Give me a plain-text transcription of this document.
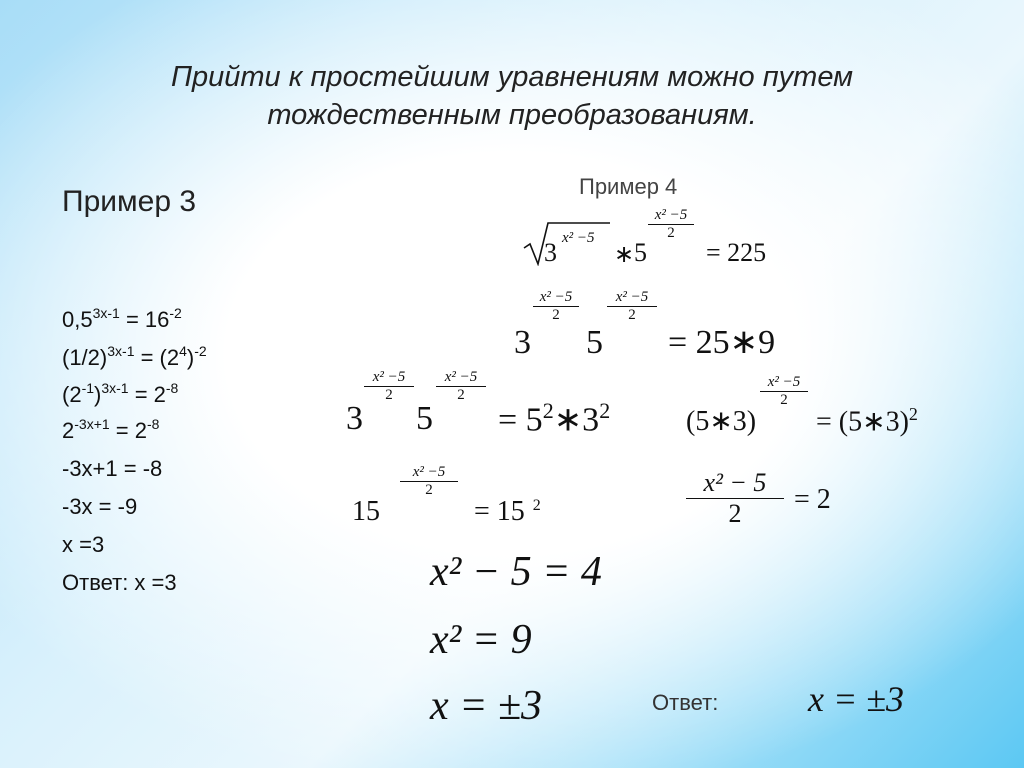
Прийти к простейшим уравнениям можно путем тождественным преобразованиям.
Пример 3
$0,5^{3x-1} = 16^{-2}$
$(1/2)^{3x-1} = (2^4)^{-2}$
$(2^{-1})^{3x-1} = 2^{-8}$
$2^{-3x+1} = 2^{-8}$
-3x+1 = -8
-3x = -9
x =3
Ответ: x =3
Пример 4
3 x² −5
∗ 5
$\frac{\text{x² −5}}{2}$
= 225
3
$\frac{\text{x² −5}}{2}$
5
$\frac{\text{x² −5}}{2}$
= 25∗9
3
$\frac{\text{x² −5}}{2}$
5
$\frac{\text{x² −5}}{2}$
= $5^2∗3^2$	(5∗3)
$\frac{\text{x² −5}}{2}$
= (5∗3)$^2$
15
$\frac{\text{x² −5}}{2}$
= 15 $^2$	$\frac{\text{x² − 5}}{2} = 2$
x² − 5 = 4
x² = 9
x = ±3	Ответ: x = ±3
